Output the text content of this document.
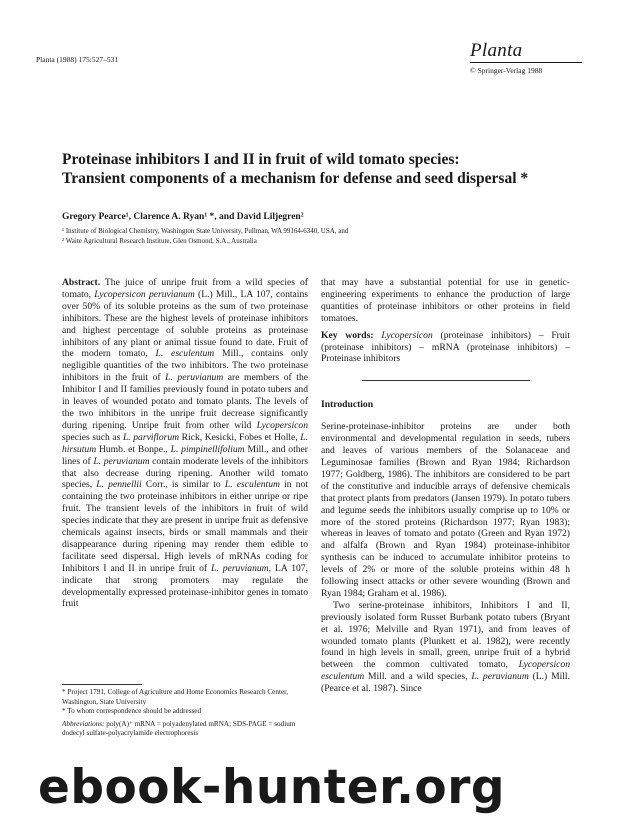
Planta (1988) 175:527–531	Planta
© Springer-Verlag 1988
Proteinase inhibitors I and II in fruit of wild tomato species:
Transient components of a mechanism for defense and seed dispersal *
Gregory Pearce¹, Clarence A. Ryan¹ *, and David Liljegren²
¹ Institute of Biological Chemistry, Washington State University, Pullman, WA 99164-6340, USA, and
² Waite Agricultural Research Institute, Glen Osmond, S.A., Australia

Abstract. The juice of unripe fruit from a wild species of tomato, Lycopersicon peruvianum (L.) Mill., LA 107, contains over 50% of its soluble proteins as the sum of two proteinase inhibitors. These are the highest levels of proteinase inhibitors and highest percentage of soluble proteins as proteinase inhibitors of any plant or animal tissue found to date. Fruit of the modern tomato, L. esculentum Mill., contains only negligible quantities of the two inhibitors. The two proteinase inhibitors in the fruit of L. peruvianum are members of the Inhibitor I and II families previously found in potato tubers and in leaves of wounded potato and tomato plants. The levels of the two inhibitors in the unripe fruit decrease significantly during ripening. Unripe fruit from other wild Lycopersicon species such as L. parviflorum Rick, Kesicki, Fobes et Holle, L. hirsutum Humb. et Bonpe., L. pimpinellifolium Mill., and other lines of L. peruvianum contain moderate levels of the inhibitors that also decrease during ripening. Another wild tomato species, L. pennellii Corr., is similar to L. esculentum in not containing the two proteinase inhibitors in either unripe or ripe fruit. The transient levels of the inhibitors in fruit of wild species indicate that they are present in unripe fruit as defensive chemicals against insects, birds or small mammals and their disappearance during ripening may render them edible to facilitate seed dispersal. High levels of mRNAs coding for Inhibitors I and II in unripe fruit of L. peruvianum, LA 107, indicate that strong promoters may regulate the developmentally expressed proteinase-inhibitor genes in tomato fruit

that may have a substantial potential for use in genetic-engineering experiments to enhance the production of large quantities of proteinase inhibitors or other proteins in field tomatoes.

Key words: Lycopersicon (proteinase inhibitors) – Fruit (proteinase inhibitors) – mRNA (proteinase inhibitors) – Proteinase inhibitors

Introduction

Serine-proteinase-inhibitor proteins are under both environmental and developmental regulation in seeds, tubers and leaves of various members of the Solanaceae and Leguminosae families (Brown and Ryan 1984; Richardson 1977; Goldberg, 1986). The inhibitors are considered to be part of the constitutive and inducible arrays of defensive chemicals that protect plants from predators (Jansen 1979). In potato tubers and legume seeds the inhibitors usually comprise up to 10% or more of the stored proteins (Richardson 1977; Ryan 1983); whereas in leaves of tomato and potato (Green and Ryan 1972) and alfalfa (Brown and Ryan 1984) proteinase-inhibitor synthesis can be induced to accumulate inhibitor proteins to levels of 2% or more of the soluble proteins within 48 h following insect attacks or other severe wounding (Brown and Ryan 1984; Graham et al. 1986).

Two serine-proteinase inhibitors, Inhibitors I and II, previously isolated form Russet Burbank potato tubers (Bryant et al. 1976; Melville and Ryan 1971), and from leaves of wounded tomato plants (Plunkett et al. 1982), were recently found in high levels in small, green, unripe fruit of a hybrid between the common cultivated tomato, Lycopersicon esculentum Mill. and a wild species, L. peruvianum (L.) Mill. (Pearce et al. 1987). Since

* Project 1791, College of Agriculture and Home Economics Research Center, Washington, State University

* To whom correspondence should be addressed

Abbreviations: poly(A)⁺ mRNA = polyadenylated mRNA; SDS-PAGE = sodium dodecyl sulfate-polyacrylamide electrophoresis

ebook-hunter.org
